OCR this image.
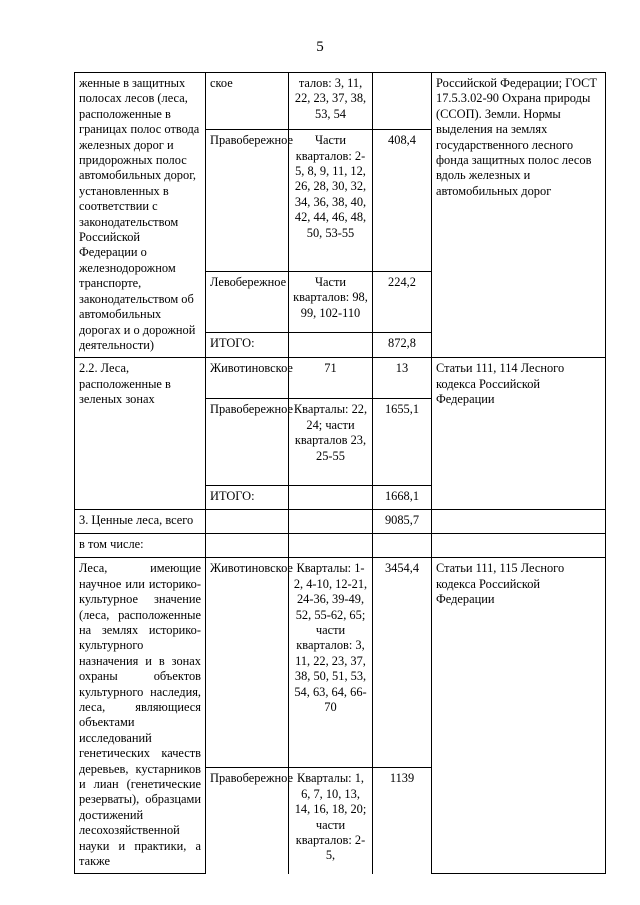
5
женные в защитных полосах лесов (леса, расположенные в границах полос отвода железных дорог и придорожных полос автомобильных дорог, установленных в соответствии с законодательством Российской Федерации о железнодорожном транспорте, законодательством об автомобильных дорогах и о дорожной деятельности)	ское	талов: 3, 11, 22, 23, 37, 38, 53, 54		Российской Федерации; ГОСТ 17.5.3.02-90 Охрана природы (ССОП). Земли. Нормы выделения на землях государственного лесного фонда защитных полос лесов вдоль железных и автомобильных дорог
	Правобережное	Части кварталов: 2-5, 8, 9, 11, 12, 26, 28, 30, 32, 34, 36, 38, 40, 42, 44, 46, 48, 50, 53-55	408,4	
	Левобережное	Части кварталов: 98, 99, 102-110	224,2	
	ИТОГО:		872,8	
2.2. Леса, расположенные в зеленых зонах	Животиновское	71	13	Статьи 111, 114 Лесного кодекса Российской Федерации
	Правобережное	Кварталы: 22, 24; части кварталов 23, 25-55	1655,1	
	ИТОГО:		1668,1	
3. Ценные леса, всего			9085,7	
в том числе:				
Леса, имеющие научное или историко-культурное значение (леса, расположенные на землях историко-культурного назначения и в зонах охраны объектов культурного наследия, леса, являющиеся объектами исследований генетических качеств деревьев, кустарников и лиан (генетические резерваты), образцами достижений лесохозяйственной науки и практики, а также	Животиновское	Кварталы: 1-2, 4-10, 12-21, 24-36, 39-49, 52, 55-62, 65; части кварталов: 3, 11, 22, 23, 37, 38, 50, 51, 53, 54, 63, 64, 66-70	3454,4	Статьи 111, 115 Лесного кодекса Российской Федерации
	Правобережное	Кварталы: 1, 6, 7, 10, 13, 14, 16, 18, 20; части кварталов: 2-5,	1139	
